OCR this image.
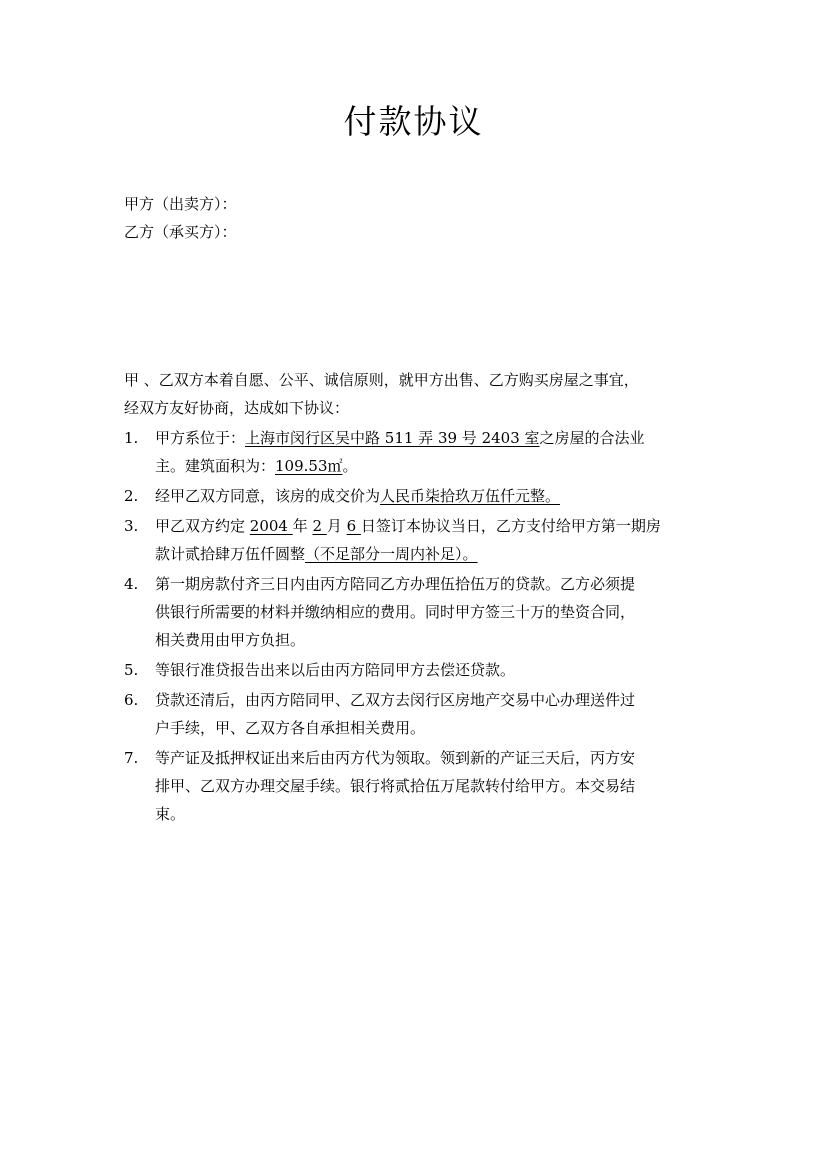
付款协议
甲方（出卖方）：
乙方（承买方）：
甲 、乙双方本着自愿、公平、诚信原则，就甲方出售、乙方购买房屋之事宜，
经双方友好协商，达成如下协议：
1. 甲方系位于：上海市闵行区吴中路 511 弄 39 号 2403 室之房屋的合法业
主。建筑面积为：109.53㎡。
2. 经甲乙双方同意，该房的成交价为人民币柒拾玖万伍仟元整。
3. 甲乙双方约定 2004 年 2 月 6 日签订本协议当日，乙方支付给甲方第一期房
款计贰拾肆万伍仟圆整（不足部分一周内补足）。
4. 第一期房款付齐三日内由丙方陪同乙方办理伍拾伍万的贷款。乙方必须提
供银行所需要的材料并缴纳相应的费用。同时甲方签三十万的垫资合同，
相关费用由甲方负担。
5. 等银行准贷报告出来以后由丙方陪同甲方去偿还贷款。
6. 贷款还清后，由丙方陪同甲、乙双方去闵行区房地产交易中心办理送件过
户手续，甲、乙双方各自承担相关费用。
7. 等产证及抵押权证出来后由丙方代为领取。领到新的产证三天后，丙方安
排甲、乙双方办理交屋手续。银行将贰拾伍万尾款转付给甲方。本交易结
束。
